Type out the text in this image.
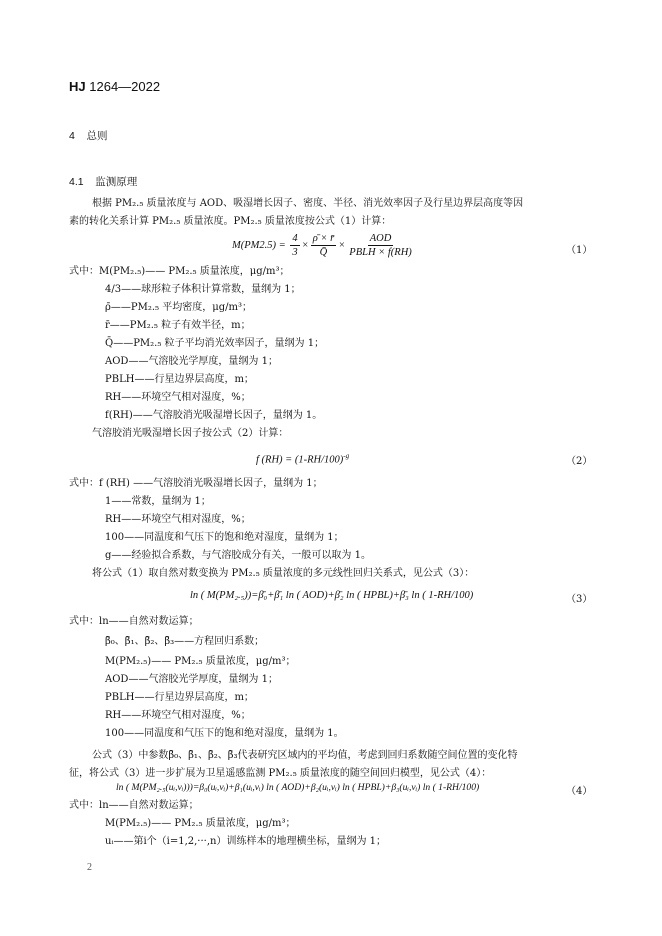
HJ 1264—2022
4 总则
4.1 监测原理
根据 PM₂.₅ 质量浓度与 AOD、吸湿增长因子、密度、半径、消光效率因子及行星边界层高度等因
素的转化关系计算 PM₂.₅ 质量浓度。PM₂.₅ 质量浓度按公式（1）计算：
$M(PM2.5) = \frac{4}{3} \times \frac{\rhō \times r̄}{Q̄} \times \frac{\text{AOD}}{\text{PBLH × f(RH)}}$	（1）
式中：M(PM₂.₅)—— PM₂.₅ 质量浓度，μg/m³；
4/3——球形粒子体积计算常数，量纲为 1；
ρ̄——PM₂.₅ 平均密度，μg/m³；
r̄——PM₂.₅ 粒子有效半径，m；
Q̄——PM₂.₅ 粒子平均消光效率因子，量纲为 1；
AOD——气溶胶光学厚度，量纲为 1；
PBLH——行星边界层高度，m；
RH——环境空气相对湿度，%；
f(RH)——气溶胶消光吸湿增长因子，量纲为 1。
气溶胶消光吸湿增长因子按公式（2）计算：
f $(RH) = (1-RH/100)^{-g}$	（2）
式中：f (RH) ——气溶胶消光吸湿增长因子，量纲为 1；
1——常数，量纲为 1；
RH——环境空气相对湿度，%；
100——同温度和气压下的饱和绝对湿度，量纲为 1；
g——经验拟合系数，与气溶胶成分有关，一般可以取为 1。
将公式（1）取自然对数变换为 PM₂.₅ 质量浓度的多元线性回归关系式，见公式（3）：
ln ( M(PM₂.₅))=β̄₀+β̄₁ ln ( AOD)+β̄₂ ln ( HPBL)+β̄₃ ln ( 1-RH/100)	（3）
式中：ln——自然对数运算；
β̄₀、β̄₁、β̄₂、β̄₃——方程回归系数；
M(PM₂.₅)—— PM₂.₅ 质量浓度，μg/m³；
AOD——气溶胶光学厚度，量纲为 1；
PBLH——行星边界层高度，m；
RH——环境空气相对湿度，%；
100——同温度和气压下的饱和绝对湿度，量纲为 1。
公式（3）中参数β̄₀、β̄₁、β̄₂、β̄₃代表研究区域内的平均值，考虑到回归系数随空间位置的变化特
征，将公式（3）进一步扩展为卫星遥感监测 PM₂.₅ 质量浓度的随空间回归模型，见公式（4）：
ln ( M(PM₂.₅(uᵢ,vᵢ)))=β₀(uᵢ,vᵢ)+β₁(uᵢ,vᵢ) ln ( AOD)+β₂(uᵢ,vᵢ) ln ( HPBL)+β₃(uᵢ,vᵢ) ln ( 1-RH/100)	（4）
式中：ln——自然对数运算；
M(PM₂.₅)—— PM₂.₅ 质量浓度，μg/m³；
uᵢ——第i个（i=1,2,···,n）训练样本的地理横坐标，量纲为 1；
2
